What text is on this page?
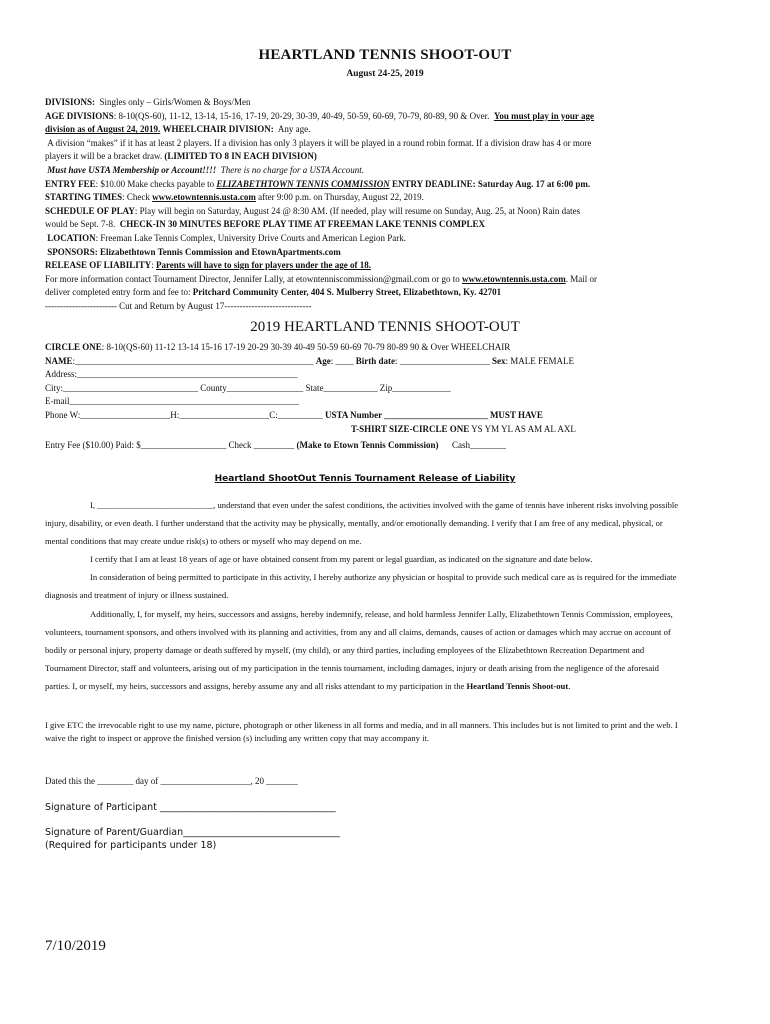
HEARTLAND TENNIS SHOOT-OUT
August 24-25, 2019
DIVISIONS: Singles only – Girls/Women & Boys/Men
AGE DIVISIONS: 8-10(QS-60), 11-12, 13-14, 15-16, 17-19, 20-29, 30-39, 40-49, 50-59, 60-69, 70-79, 80-89, 90 & Over. You must play in your age
division as of August 24, 2019. WHEELCHAIR DIVISION: Any age.
A division “makes” if it has at least 2 players. If a division has only 3 players it will be played in a round robin format. If a division draw has 4 or more
players it will be a bracket draw. (LIMITED TO 8 IN EACH DIVISION)
Must have USTA Membership or Account!!!! There is no charge for a USTA Account.
ENTRY FEE: $10.00 Make checks payable to ELIZABETHTOWN TENNIS COMMISSION ENTRY DEADLINE: Saturday Aug. 17 at 6:00 pm.
STARTING TIMES: Check www.etowntennis.usta.com after 9:00 p.m. on Thursday, August 22, 2019.
SCHEDULE OF PLAY: Play will begin on Saturday, August 24 @ 8:30 AM. (If needed, play will resume on Sunday, Aug. 25, at Noon) Rain dates
would be Sept. 7-8. CHECK-IN 30 MINUTES BEFORE PLAY TIME AT FREEMAN LAKE TENNIS COMPLEX
LOCATION: Freeman Lake Tennis Complex, University Drive Courts and American Legion Park.
SPONSORS: Elizabethtown Tennis Commission and EtownApartments.com
RELEASE OF LIABILITY: Parents will have to sign for players under the age of 18.
For more information contact Tournament Director, Jennifer Lally, at etowntenniscommission@gmail.com or go to www.etowntennis.usta.com. Mail or
deliver completed entry form and fee to: Pritchard Community Center, 404 S. Mulberry Street, Elizabethtown, Ky. 42701
------------------------ Cut and Return by August 17-----------------------------
2019 HEARTLAND TENNIS SHOOT-OUT
CIRCLE ONE: 8-10(QS-60) 11-12 13-14 15-16 17-19 20-29 30-39 40-49 50-59 60-69 70-79 80-89 90 & Over WHEELCHAIR
NAME:_____________________________________________________ Age: ____ Birth date: ____________________ Sex: MALE FEMALE
Address:_________________________________________________
City:______________________________ County_________________ State____________ Zip_____________
E-mail___________________________________________________
Phone W:____________________H:____________________C:__________ USTA Number _______________________ MUST HAVE
T-SHIRT SIZE-CIRCLE ONE YS YM YL AS AM AL AXL
Entry Fee ($10.00) Paid: $___________________ Check _________ (Make to Etown Tennis Commission) Cash________
Heartland ShootOut Tennis Tournament Release of Liability

I, ___________________________, understand that even under the safest conditions, the activities involved with the game of tennis have inherent risks involving possible injury, disability, or even death. I further understand that the activity may be physically, mentally, and/or emotionally demanding. I verify that I am free of any medical, physical, or mental conditions that may create undue risk(s) to others or myself who may depend on me.

I certify that I am at least 18 years of age or have obtained consent from my parent or legal guardian, as indicated on the signature and date below.

In consideration of being permitted to participate in this activity, I hereby authorize any physician or hospital to provide such medical care as is required for the immediate diagnosis and treatment of injury or illness sustained.

Additionally, I, for myself, my heirs, successors and assigns, hereby indemnify, release, and hold harmless Jennifer Lally, Elizabethtown Tennis Commission, employees, volunteers, tournament sponsors, and others involved with its planning and activities, from any and all claims, demands, causes of action or damages which may accrue on account of bodily or personal injury, property damage or death suffered by myself, (my child), or any third parties, including employees of the Elizabethtown Recreation Department and Tournament Director, staff and volunteers, arising out of my participation in the tennis tournament, including damages, injury or death arising from the negligence of the aforesaid parties. I, or myself, my heirs, successors and assigns, hereby assume any and all risks attendant to my participation in the Heartland Tennis Shoot-out.

I give ETC the irrevocable right to use my name, picture, photograph or other likeness in all forms and media, and in all manners. This includes but is not limited to print and the web. I waive the right to inspect or approve the finished version (s) including any written copy that may accompany it.
Dated this the ________ day of ____________________, 20 _______
Signature of Participant _____________________________________
Signature of Parent/Guardian_________________________________
(Required for participants under 18)
7/10/2019
